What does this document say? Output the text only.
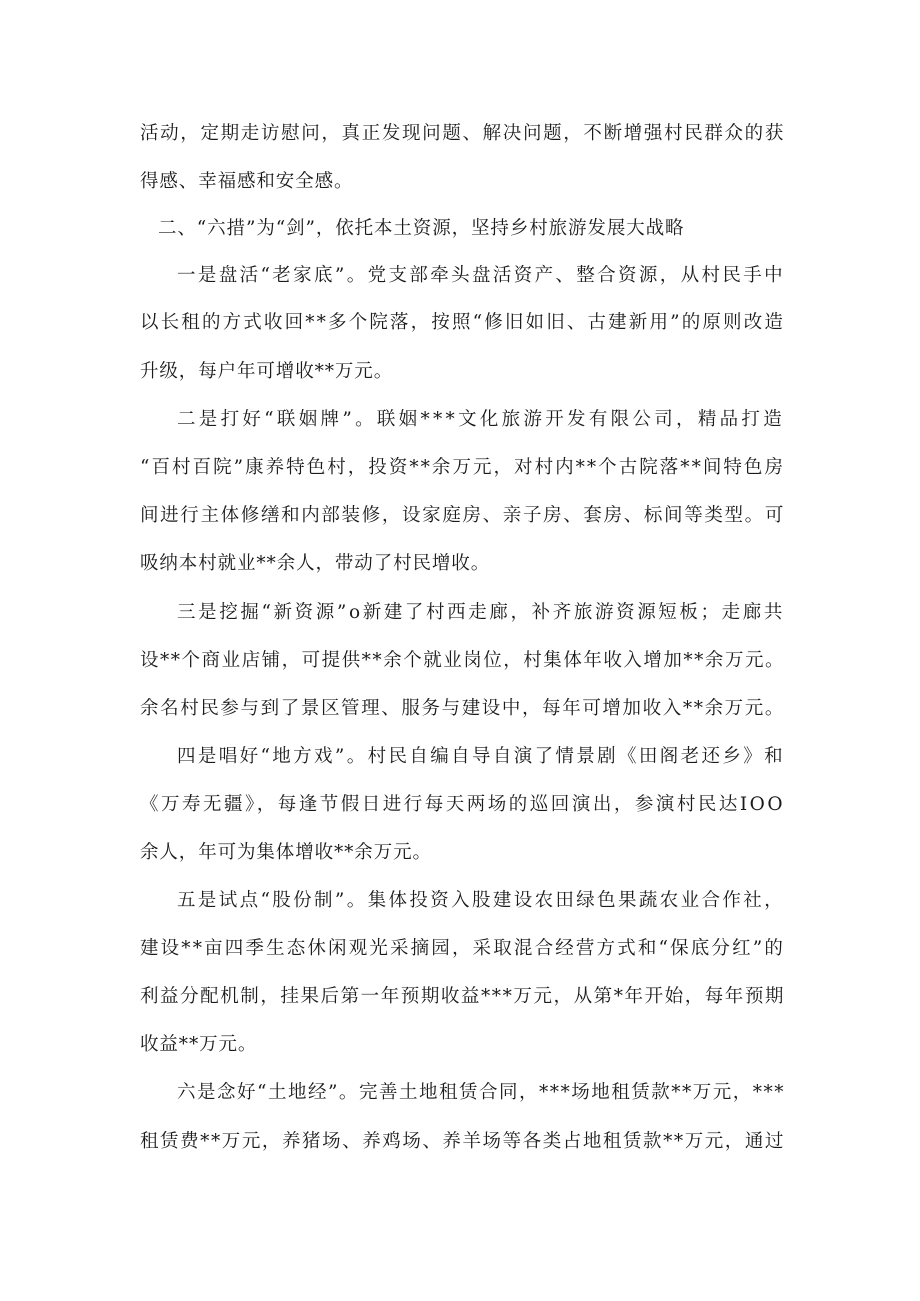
活动，定期走访慰问，真正发现问题、解决问题，不断增强村民群众的获
得感、幸福感和安全感。
二、“六措”为“剑”，依托本土资源，坚持乡村旅游发展大战略
一是盘活“老家底”。党支部牵头盘活资产、整合资源，从村民手中
以长租的方式收回**多个院落，按照“修旧如旧、古建新用”的原则改造
升级，每户年可增收**万元。
二是打好“联姻牌”。联姻***文化旅游开发有限公司，精品打造
“百村百院”康养特色村，投资**余万元，对村内**个古院落**间特色房
间进行主体修缮和内部装修，设家庭房、亲子房、套房、标间等类型。可
吸纳本村就业**余人，带动了村民增收。
三是挖掘“新资源”o新建了村西走廊，补齐旅游资源短板；走廊共
设**个商业店铺，可提供**余个就业岗位，村集体年收入增加**余万元。
余名村民参与到了景区管理、服务与建设中，每年可增加收入**余万元。
四是唱好“地方戏”。村民自编自导自演了情景剧《田阁老还乡》和
《万寿无疆》，每逢节假日进行每天两场的巡回演出，参演村民达IOO
余人，年可为集体增收**余万元。
五是试点“股份制”。集体投资入股建设农田绿色果蔬农业合作社，
建设**亩四季生态休闲观光采摘园，采取混合经营方式和“保底分红”的
利益分配机制，挂果后第一年预期收益***万元，从第*年开始，每年预期
收益**万元。
六是念好“土地经”。完善土地租赁合同，***场地租赁款**万元，***
租赁费**万元，养猪场、养鸡场、养羊场等各类占地租赁款**万元，通过
